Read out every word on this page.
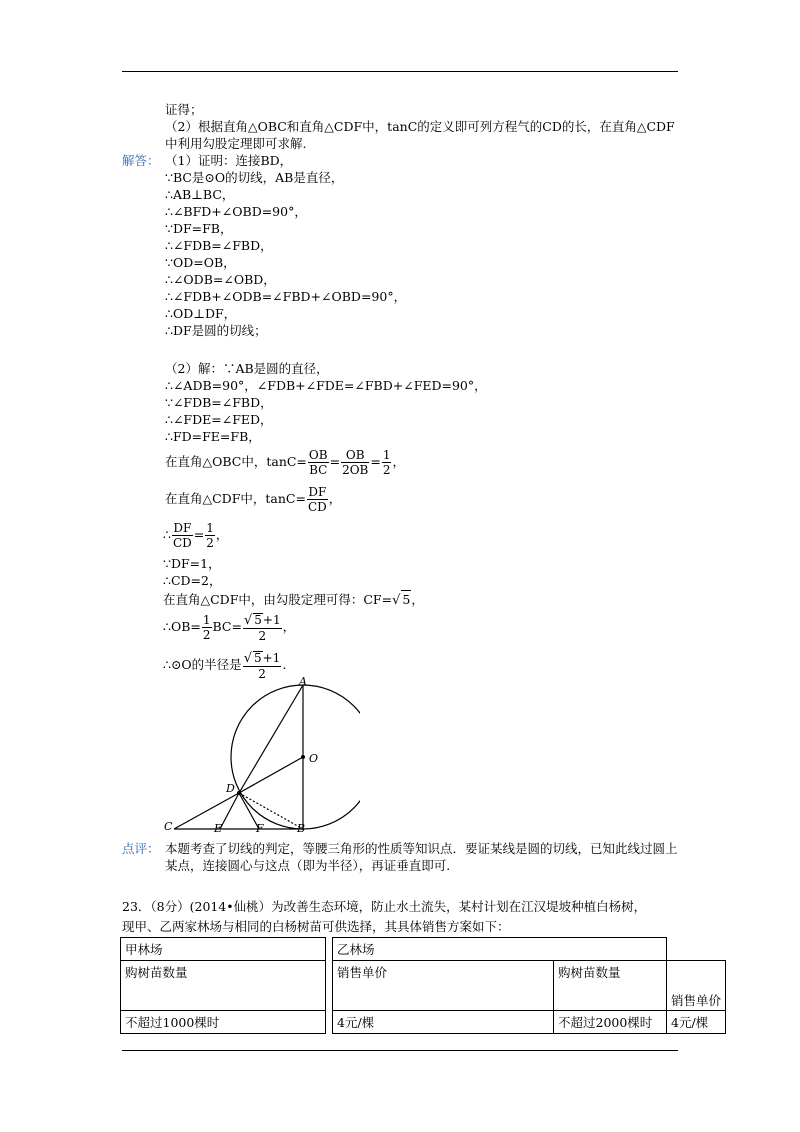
证得；
（2）根据直角△OBC和直角△CDF中，tanC的定义即可列方程气的CD的长，在直角△CDF
中利用勾股定理即可求解.
解答： （1）证明：连接BD，
∵BC是⊙O的切线，AB是直径，
∴AB⊥BC，
∴∠BFD+∠OBD=90°，
∵DF=FB，
∴∠FDB=∠FBD，
∵OD=OB，
∴∠ODB=∠OBD，
∴∠FDB+∠ODB=∠FBD+∠OBD=90°，
∴OD⊥DF，
∴DF是圆的切线；
（2）解：∵AB是圆的直径，
∴∠ADB=90°，∠FDB+∠FDE=∠FBD+∠FED=90°，
∵∠FDB=∠FBD，
∴∠FDE=∠FED，
∴FD=FE=FB，
在直角△OBC中，$\tan C= \frac{OB}{BC} = \frac{OB}{2OB} = \frac{1}{2}$ ，
在直角△CDF中，$\tan C= \frac{DF}{CD}$ ，
∴ $\frac{DF}{CD} = \frac{1}{2}$ ，
∵DF=1，
∴CD=2，
在直角△CDF中，由勾股定理可得：CF=√ 5，
∴OB= $\frac{1}{2} BC= \frac{√ 5+1}{2}$ ，
∴⊙O的半径是 $\frac{√ 5+1}{2}$ .
A
O
D
C	E	F	B
点评： 本题考查了切线的判定，等腰三角形的性质等知识点．要证某线是圆的切线，已知此线过圆上
某点，连接圆心与这点（即为半径），再证垂直即可.
23．（8分）(2014•仙桃）为改善生态环境，防止水土流失，某村计划在江汉堤坡种植白杨树，
现甲、乙两家林场与相同的白杨树苗可供选择，其具体销售方案如下：
甲林场		乙林场		
购树苗数量		销售单价	购树苗数量	销售单价
不超过1000棵时		4元/棵	不超过2000棵时	4元/棵
